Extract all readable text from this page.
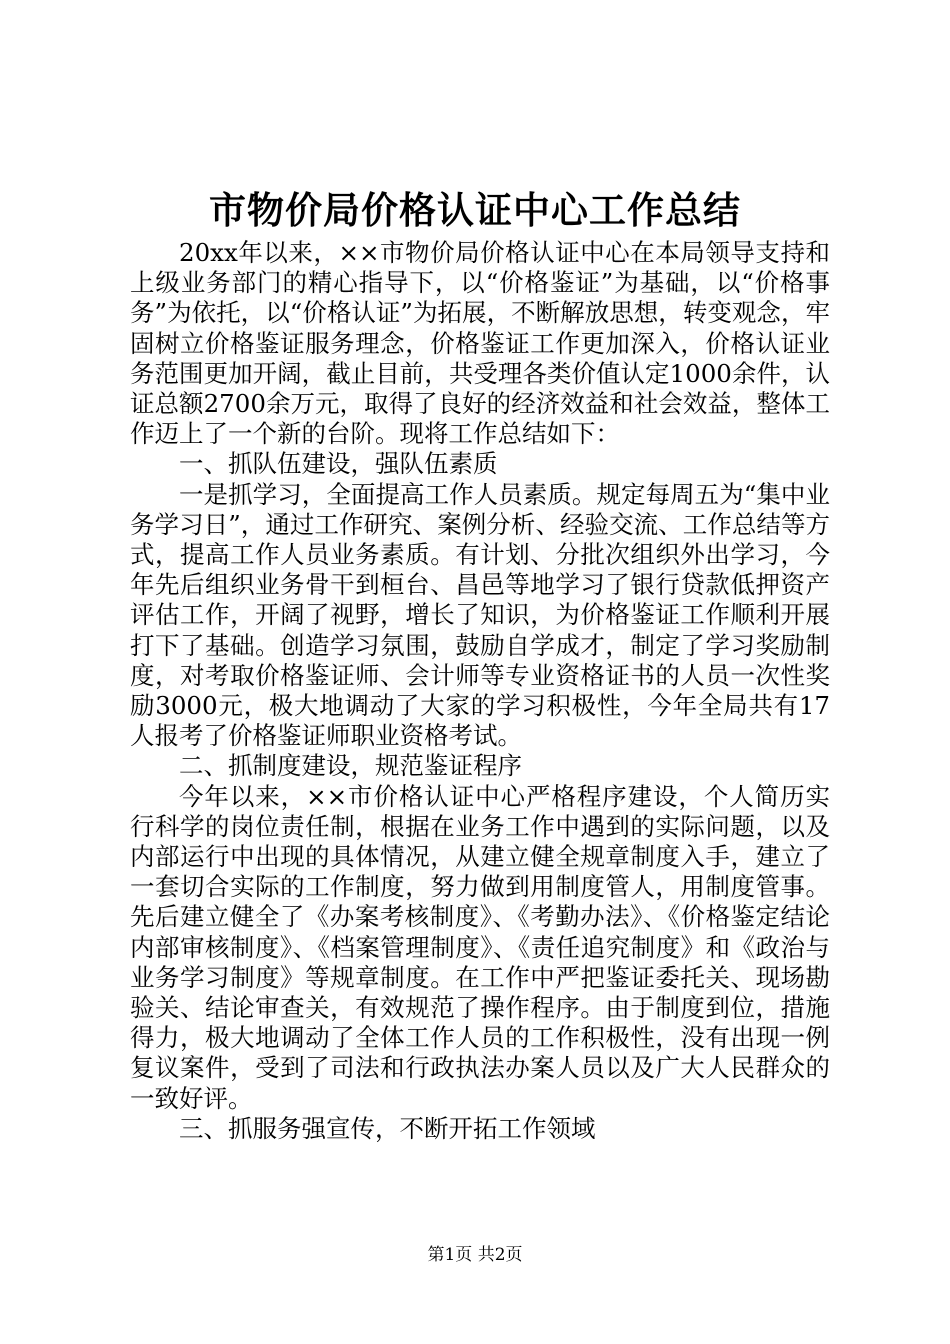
市物价局价格认证中心工作总结

20xx年以来，××市物价局价格认证中心在本局领导支持和上级业务部门的精心指导下，以“价格鉴证”为基础，以“价格事务”为依托，以“价格认证”为拓展，不断解放思想，转变观念，牢固树立价格鉴证服务理念，价格鉴证工作更加深入，价格认证业务范围更加开阔，截止目前，共受理各类价值认定1000余件，认证总额2700余万元，取得了良好的经济效益和社会效益，整体工作迈上了一个新的台阶。现将工作总结如下：

一、抓队伍建设，强队伍素质

一是抓学习，全面提高工作人员素质。规定每周五为“集中业务学习日”，通过工作研究、案例分析、经验交流、工作总结等方式，提高工作人员业务素质。有计划、分批次组织外出学习，今年先后组织业务骨干到桓台、昌邑等地学习了银行贷款低押资产评估工作，开阔了视野，增长了知识，为价格鉴证工作顺利开展打下了基础。创造学习氛围，鼓励自学成才，制定了学习奖励制度，对考取价格鉴证师、会计师等专业资格证书的人员一次性奖励3000元，极大地调动了大家的学习积极性，今年全局共有17人报考了价格鉴证师职业资格考试。

二、抓制度建设，规范鉴证程序

今年以来，××市价格认证中心严格程序建设，个人简历实行科学的岗位责任制，根据在业务工作中遇到的实际问题，以及内部运行中出现的具体情况，从建立健全规章制度入手，建立了一套切合实际的工作制度，努力做到用制度管人，用制度管事。先后建立健全了《办案考核制度》、《考勤办法》、《价格鉴定结论内部审核制度》、《档案管理制度》、《责任追究制度》和《政治与业务学习制度》等规章制度。在工作中严把鉴证委托关、现场勘验关、结论审查关，有效规范了操作程序。由于制度到位，措施得力，极大地调动了全体工作人员的工作积极性，没有出现一例复议案件，受到了司法和行政执法办案人员以及广大人民群众的一致好评。

三、抓服务强宣传，不断开拓工作领域

第1页 共2页
